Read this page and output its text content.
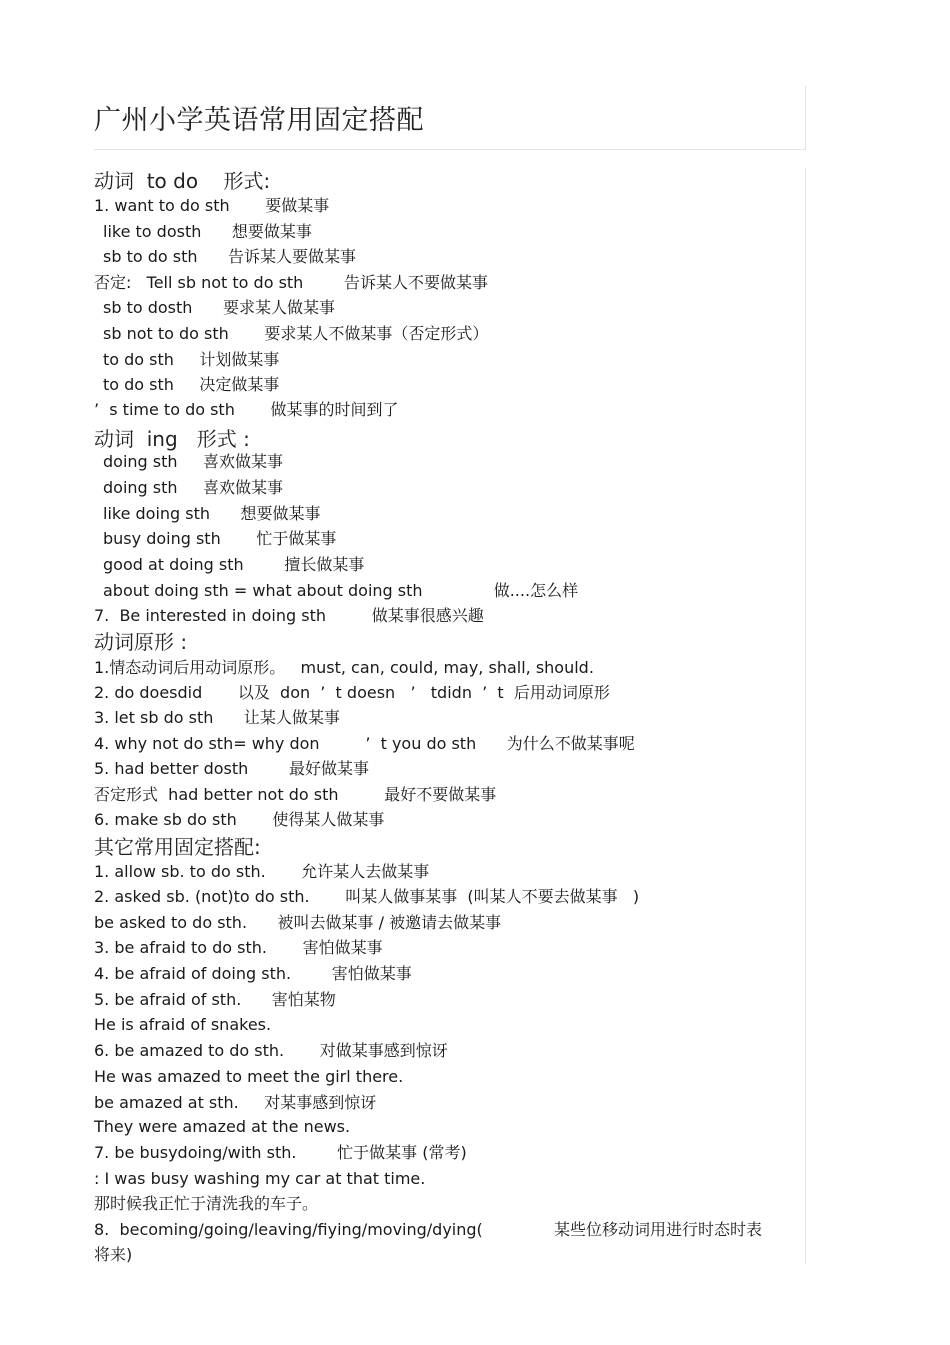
广州小学英语常用固定搭配
动词  to do    形式:
1. want to do sth       要做某事
like to dosth      想要做某事
sb to do sth      告诉某人要做某事
否定:   Tell sb not to do sth        告诉某人不要做某事
sb to dosth      要求某人做某事
sb not to do sth       要求某人不做某事（否定形式）
to do sth     计划做某事
to do sth     决定做某事
’  s time to do sth       做某事的时间到了
动词  ing   形式 :
doing sth     喜欢做某事
doing sth     喜欢做某事
like doing sth      想要做某事
busy doing sth       忙于做某事
good at doing sth        擅长做某事
about doing sth = what about doing sth              做....怎么样
7.  Be interested in doing sth         做某事很感兴趣
动词原形 :
1.情态动词后用动词原形。   must, can, could, may, shall, should.
2. do doesdid       以及  don  ’  t doesn   ’   tdidn  ’  t  后用动词原形
3. let sb do sth      让某人做某事
4. why not do sth= why don         ’  t you do sth      为什么不做某事呢
5. had better dosth        最好做某事
否定形式  had better not do sth         最好不要做某事
6. make sb do sth       使得某人做某事
其它常用固定搭配:
1. allow sb. to do sth.       允许某人去做某事
2. asked sb. (not)to do sth.       叫某人做事某事  (叫某人不要去做某事   )
be asked to do sth.      被叫去做某事 / 被邀请去做某事
3. be afraid to do sth.       害怕做某事
4. be afraid of doing sth.        害怕做某事
5. be afraid of sth.      害怕某物
He is afraid of snakes.
6. be amazed to do sth.       对做某事感到惊讶
He was amazed to meet the girl there.
be amazed at sth.     对某事感到惊讶
They were amazed at the news.
7. be busydoing/with sth.        忙于做某事 (常考)
: I was busy washing my car at that time.
那时候我正忙于清洗我的车子。
8.  becoming/going/leaving/fiying/moving/dying(              某些位移动词用进行时态时表
将来)
